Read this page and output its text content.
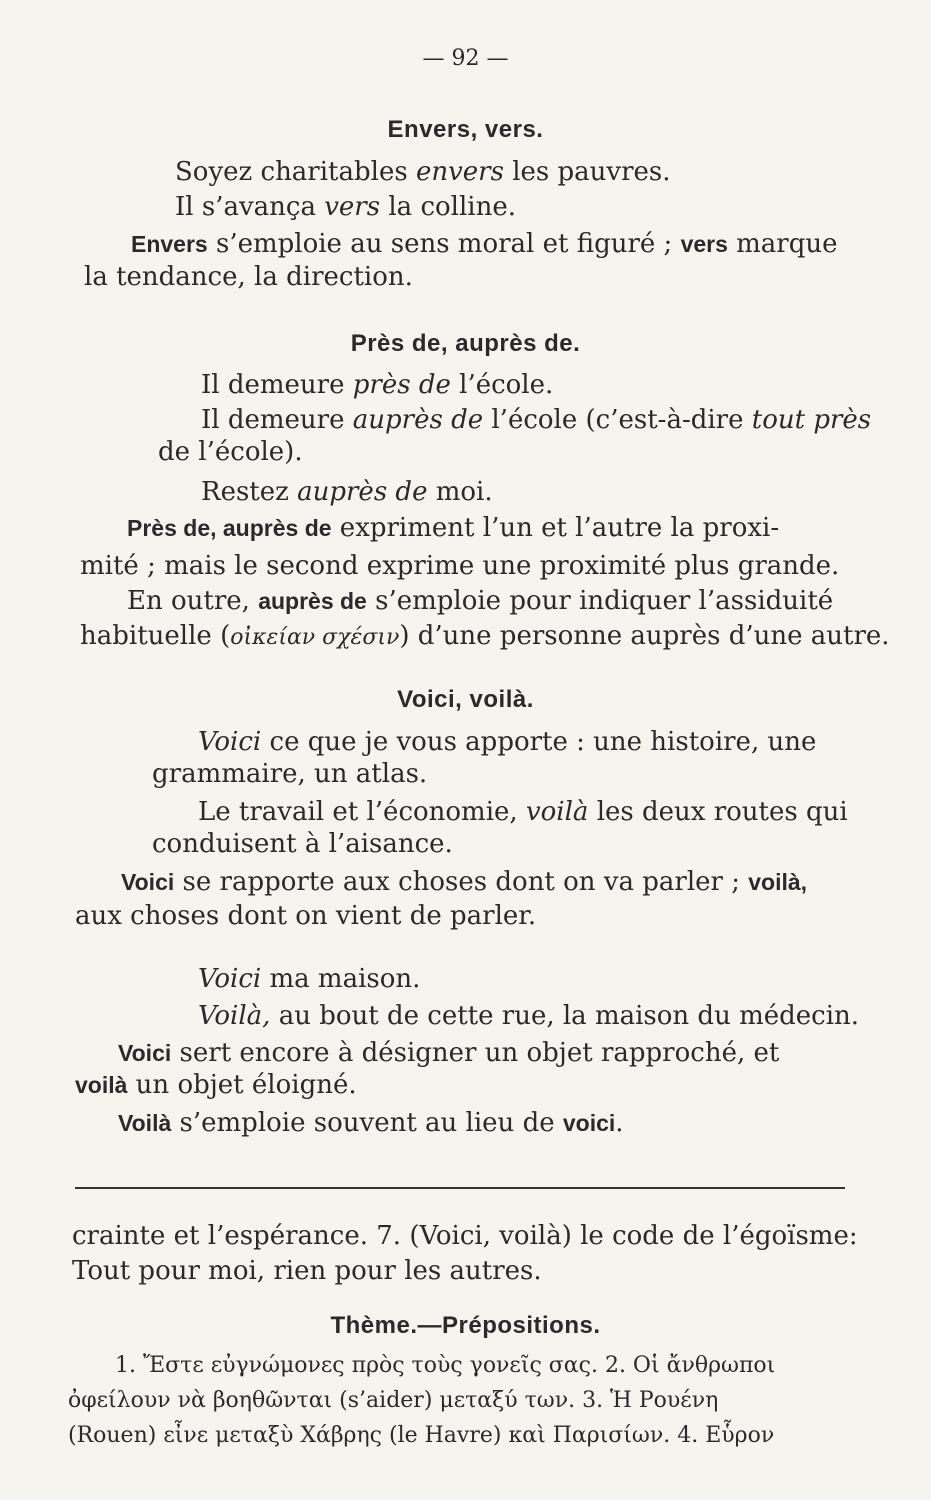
— 92 —
Envers, vers.
Soyez charitables envers les pauvres.
Il s’avança vers la colline.
Envers s’emploie au sens moral et figuré ; vers marque
la tendance, la direction.
Près de, auprès de.
Il demeure près de l’école.
Il demeure auprès de l’école (c’est-à-dire tout près
de l’école).
Restez auprès de moi.
Près de, auprès de expriment l’un et l’autre la proxi-
mité ; mais le second exprime une proximité plus grande.
En outre, auprès de s’emploie pour indiquer l’assiduité
habituelle (οἰκείαν σχέσιν) d’une personne auprès d’une autre.
Voici, voilà.
Voici ce que je vous apporte : une histoire, une
grammaire, un atlas.
Le travail et l’économie, voilà les deux routes qui
conduisent à l’aisance.
Voici se rapporte aux choses dont on va parler ; voilà,
aux choses dont on vient de parler.
Voici ma maison.
Voilà, au bout de cette rue, la maison du médecin.
Voici sert encore à désigner un objet rapproché, et
voilà un objet éloigné.
Voilà s’emploie souvent au lieu de voici.
crainte et l’espérance. 7. (Voici, voilà) le code de l’égoïsme:
Tout pour moi, rien pour les autres.
Thème.—Prépositions.
1. Ἔστε εὐγνώμονες πρὸς τοὺς γονεῖς σας. 2. Οἱ ἄνθρωποι
ὀφείλουν νὰ βοηθῶνται (s’aider) μεταξύ των. 3. Ἡ Ρουένη
(Rouen) εἶνε μεταξὺ Χάβρης (le Havre) καὶ Παρισίων. 4. Εὗρον
